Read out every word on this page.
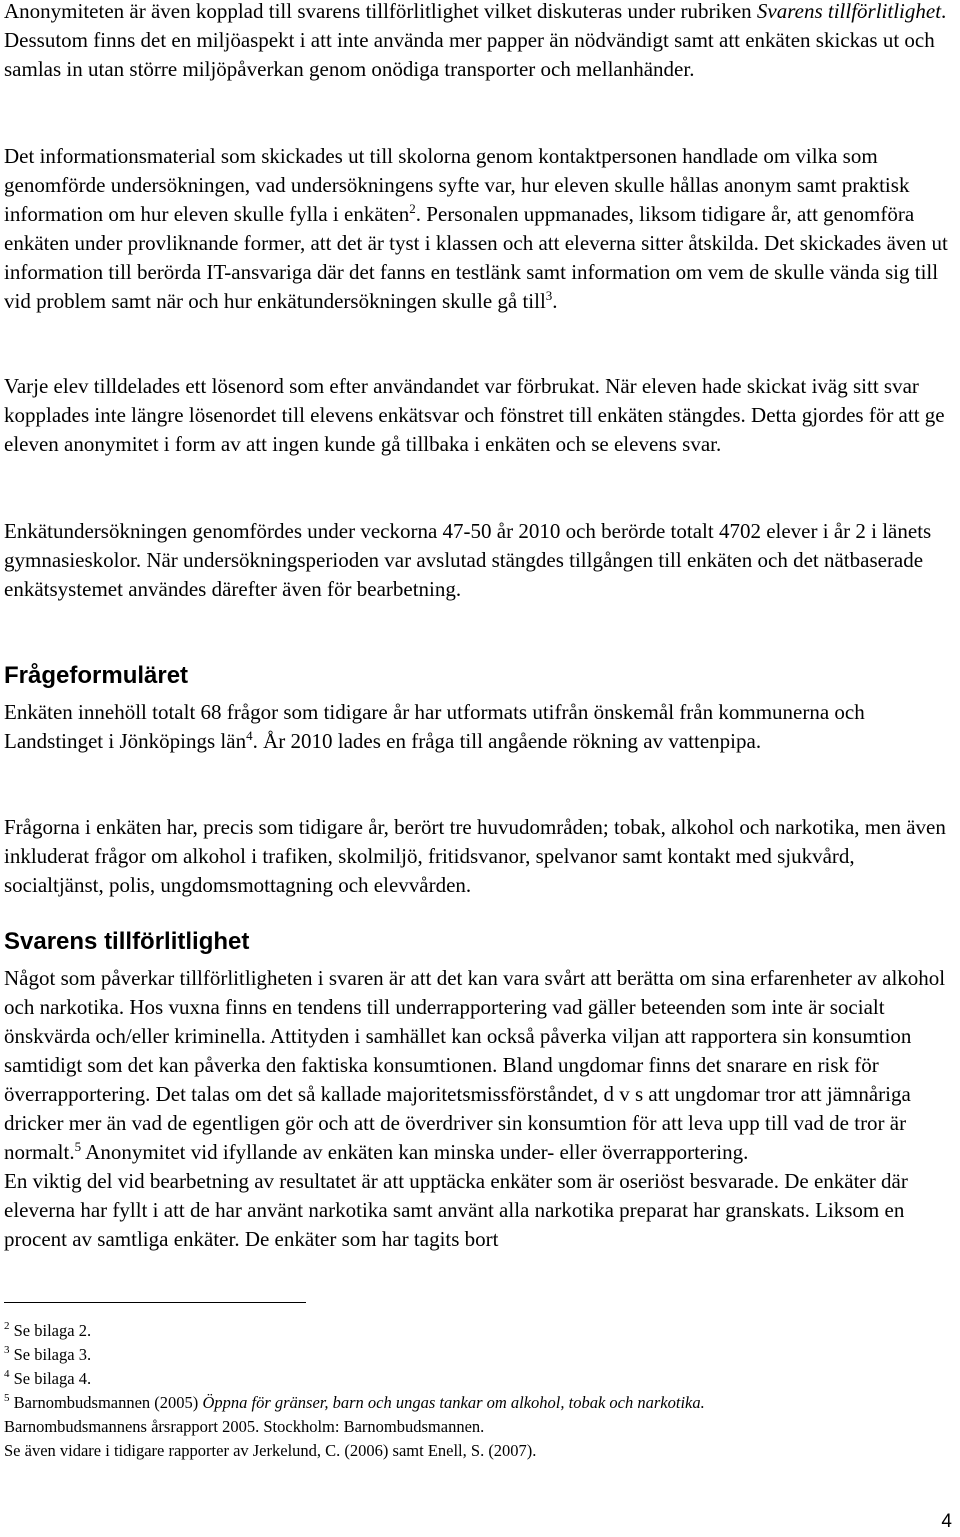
Anonymiteten är även kopplad till svarens tillförlitlighet vilket diskuteras under rubriken Svarens tillförlitlighet. Dessutom finns det en miljöaspekt i att inte använda mer papper än nödvändigt samt att enkäten skickas ut och samlas in utan större miljöpåverkan genom onödiga transporter och mellanhänder.

Det informationsmaterial som skickades ut till skolorna genom kontaktpersonen handlade om vilka som genomförde undersökningen, vad undersökningens syfte var, hur eleven skulle hållas anonym samt praktisk information om hur eleven skulle fylla i enkäten$^2$. Personalen uppmanades, liksom tidigare år, att genomföra enkäten under provliknande former, att det är tyst i klassen och att eleverna sitter åtskilda. Det skickades även ut information till berörda IT-ansvariga där det fanns en testlänk samt information om vem de skulle vända sig till vid problem samt när och hur enkätundersökningen skulle gå till$^3$.

Varje elev tilldelades ett lösenord som efter användandet var förbrukat. När eleven hade skickat iväg sitt svar kopplades inte längre lösenordet till elevens enkätsvar och fönstret till enkäten stängdes. Detta gjordes för att ge eleven anonymitet i form av att ingen kunde gå tillbaka i enkäten och se elevens svar.

Enkätundersökningen genomfördes under veckorna 47-50 år 2010 och berörde totalt 4702 elever i år 2 i länets gymnasieskolor. När undersökningsperioden var avslutad stängdes tillgången till enkäten och det nätbaserade enkätsystemet användes därefter även för bearbetning.

Frågeformuläret

Enkäten innehöll totalt 68 frågor som tidigare år har utformats utifrån önskemål från kommunerna och Landstinget i Jönköpings län$^4$. År 2010 lades en fråga till angående rökning av vattenpipa.

Frågorna i enkäten har, precis som tidigare år, berört tre huvudområden; tobak, alkohol och narkotika, men även inkluderat frågor om alkohol i trafiken, skolmiljö, fritidsvanor, spelvanor samt kontakt med sjukvård, socialtjänst, polis, ungdomsmottagning och elevvården.

Svarens tillförlitlighet

Något som påverkar tillförlitligheten i svaren är att det kan vara svårt att berätta om sina erfarenheter av alkohol och narkotika. Hos vuxna finns en tendens till underrapportering vad gäller beteenden som inte är socialt önskvärda och/eller kriminella. Attityden i samhället kan också påverka viljan att rapportera sin konsumtion samtidigt som det kan påverka den faktiska konsumtionen. Bland ungdomar finns det snarare en risk för överrapportering. Det talas om det så kallade majoritetsmissförståndet, d v s att ungdomar tror att jämnåriga dricker mer än vad de egentligen gör och att de överdriver sin konsumtion för att leva upp till vad de tror är normalt.$^5$ Anonymitet vid ifyllande av enkäten kan minska under- eller överrapportering.
En viktig del vid bearbetning av resultatet är att upptäcka enkäter som är oseriöst besvarade. De enkäter där eleverna har fyllt i att de har använt narkotika samt använt alla narkotika preparat har granskats. Liksom en procent av samtliga enkäter. De enkäter som har tagits bort

$^2$ Se bilaga 2.

$^3$ Se bilaga 3.

$^4$ Se bilaga 4.

$^5$ Barnombudsmannen (2005) Öppna för gränser, barn och ungas tankar om alkohol, tobak och narkotika.

Barnombudsmannens årsrapport 2005. Stockholm: Barnombudsmannen.

Se även vidare i tidigare rapporter av Jerkelund, C. (2006) samt Enell, S. (2007).

4
